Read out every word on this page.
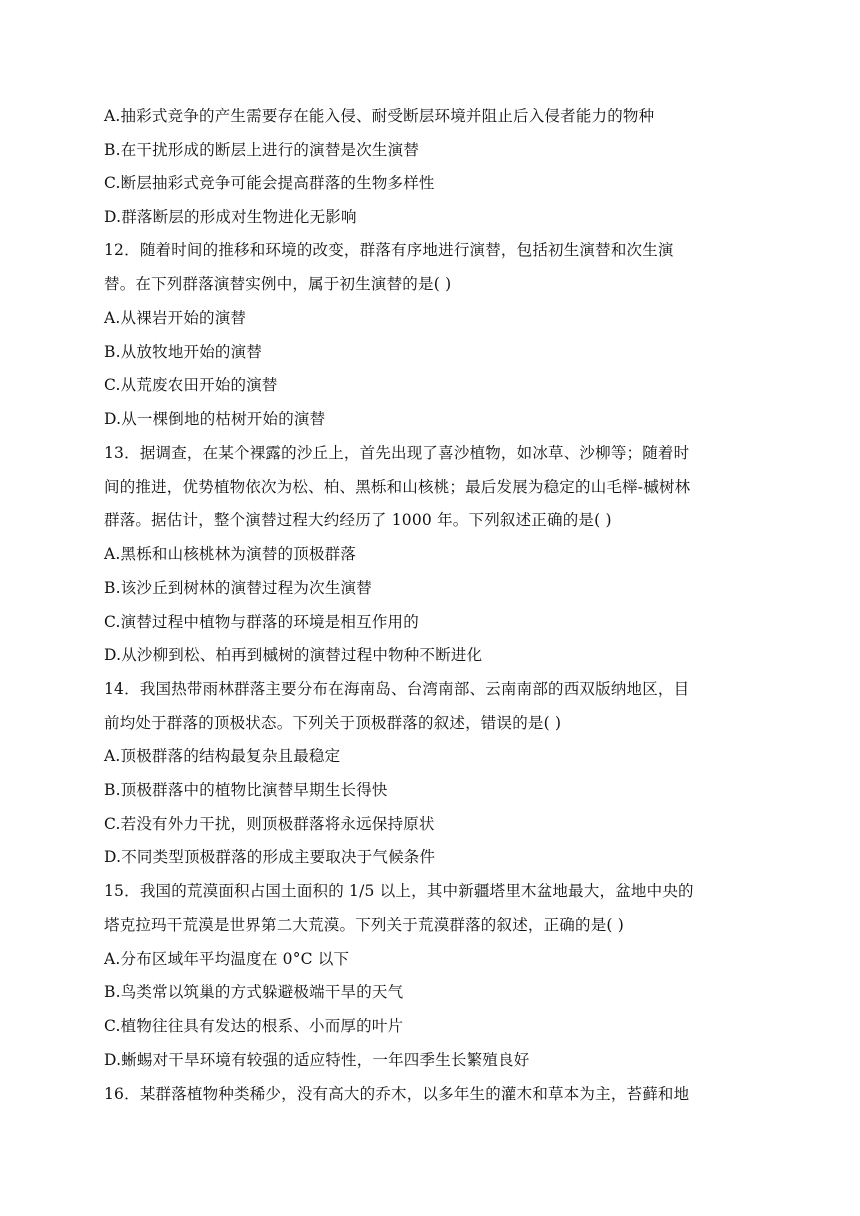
A.抽彩式竞争的产生需要存在能入侵、耐受断层环境并阻止后入侵者能力的物种
B.在干扰形成的断层上进行的演替是次生演替
C.断层抽彩式竞争可能会提高群落的生物多样性
D.群落断层的形成对生物进化无影响
12．随着时间的推移和环境的改变，群落有序地进行演替，包括初生演替和次生演
替。在下列群落演替实例中，属于初生演替的是( )
A.从裸岩开始的演替
B.从放牧地开始的演替
C.从荒废农田开始的演替
D.从一棵倒地的枯树开始的演替
13．据调查，在某个裸露的沙丘上，首先出现了喜沙植物，如冰草、沙柳等；随着时
间的推进，优势植物依次为松、柏、黑栎和山核桃；最后发展为稳定的山毛榉-槭树林
群落。据估计，整个演替过程大约经历了 1000 年。下列叙述正确的是( )
A.黑栎和山核桃林为演替的顶极群落
B.该沙丘到树林的演替过程为次生演替
C.演替过程中植物与群落的环境是相互作用的
D.从沙柳到松、柏再到槭树的演替过程中物种不断进化
14．我国热带雨林群落主要分布在海南岛、台湾南部、云南南部的西双版纳地区，目
前均处于群落的顶极状态。下列关于顶极群落的叙述，错误的是( )
A.顶极群落的结构最复杂且最稳定
B.顶极群落中的植物比演替早期生长得快
C.若没有外力干扰，则顶极群落将永远保持原状
D.不同类型顶极群落的形成主要取决于气候条件
15．我国的荒漠面积占国土面积的 1/5 以上，其中新疆塔里木盆地最大，盆地中央的
塔克拉玛干荒漠是世界第二大荒漠。下列关于荒漠群落的叙述，正确的是( )
A.分布区域年平均温度在 0°C 以下
B.鸟类常以筑巢的方式躲避极端干旱的天气
C.植物往往具有发达的根系、小而厚的叶片
D.蜥蜴对干旱环境有较强的适应特性，一年四季生长繁殖良好
16．某群落植物种类稀少，没有高大的乔木，以多年生的灌木和草本为主，苔藓和地
